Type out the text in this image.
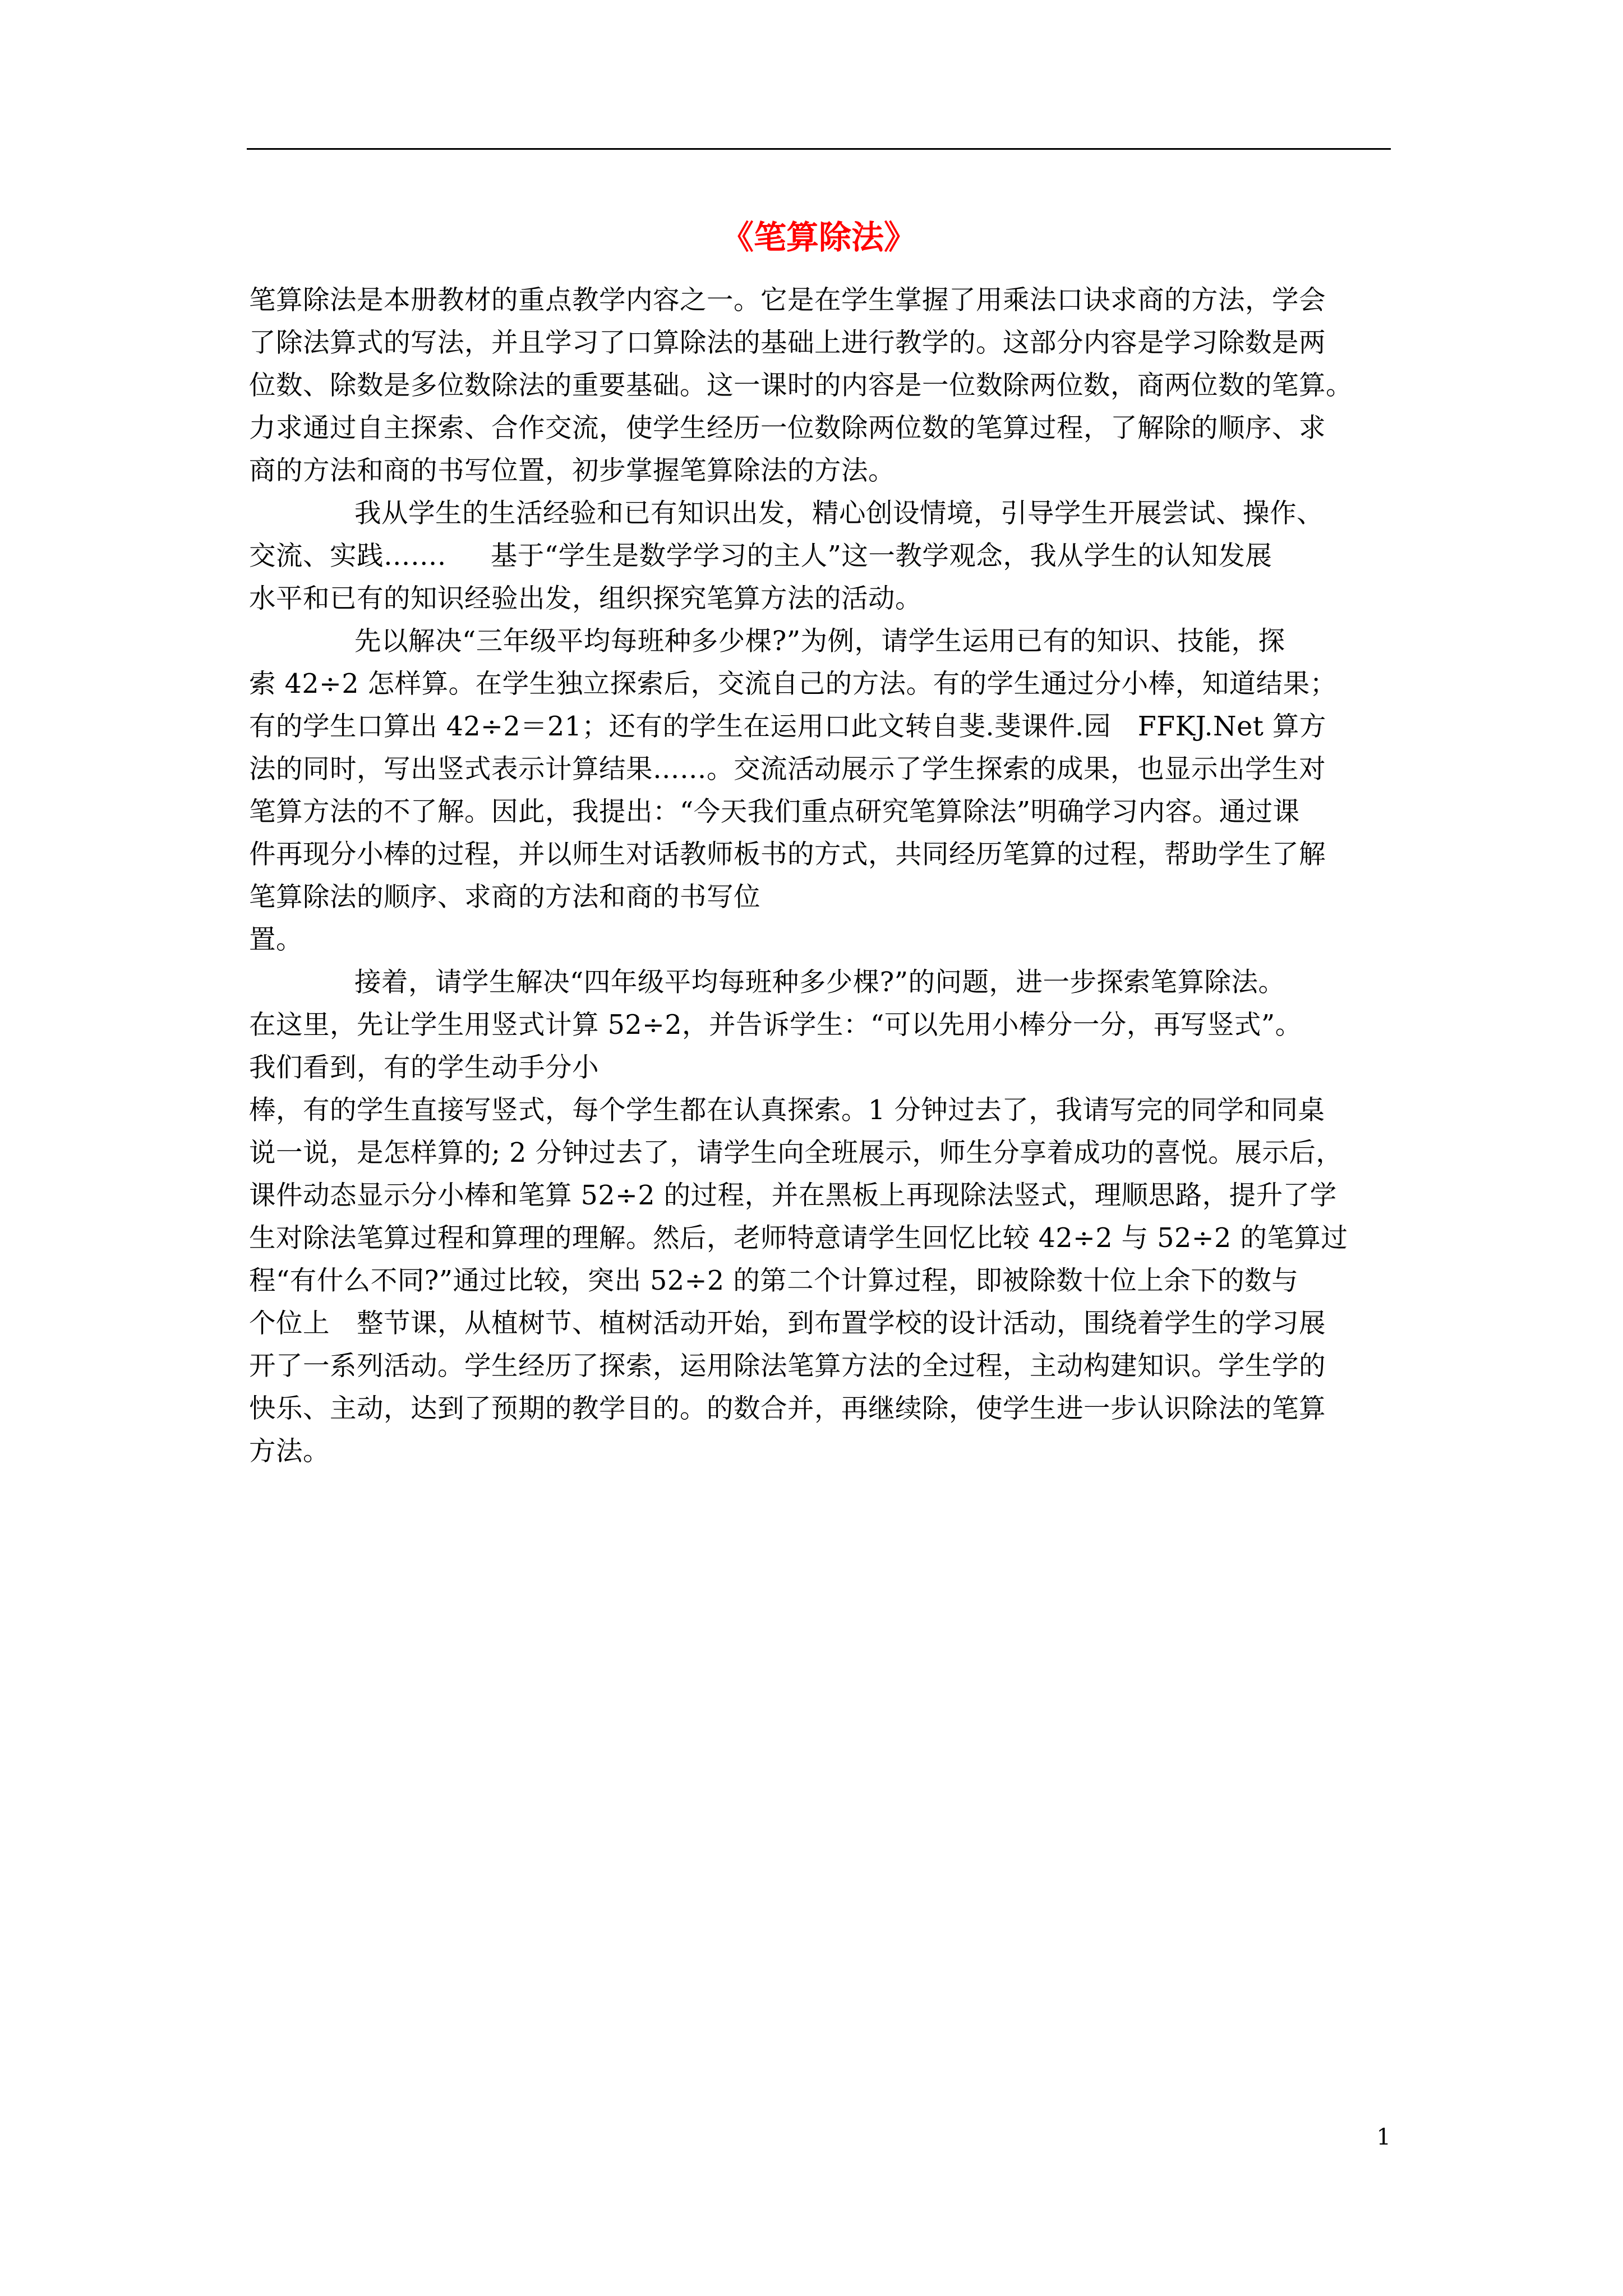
《笔算除法》
笔算除法是本册教材的重点教学内容之一。它是在学生掌握了用乘法口诀求商的方法，学会
了除法算式的写法，并且学习了口算除法的基础上进行教学的。这部分内容是学习除数是两
位数、除数是多位数除法的重要基础。这一课时的内容是一位数除两位数，商两位数的笔算。
力求通过自主探索、合作交流，使学生经历一位数除两位数的笔算过程，了解除的顺序、求
商的方法和商的书写位置，初步掌握笔算除法的方法。
我从学生的生活经验和已有知识出发，精心创设情境，引导学生开展尝试、操作、
交流、实践……. 　 基于“学生是数学学习的主人”这一教学观念，我从学生的认知发展
水平和已有的知识经验出发，组织探究笔算方法的活动。
先以解决“三年级平均每班种多少棵?”为例，请学生运用已有的知识、技能，探
索 42÷2 怎样算。在学生独立探索后，交流自己的方法。有的学生通过分小棒，知道结果；
有的学生口算出 42÷2＝21；还有的学生在运用口此文转自斐.斐课件.园　FFKJ.Net 算方
法的同时，写出竖式表示计算结果……。交流活动展示了学生探索的成果，也显示出学生对
笔算方法的不了解。因此，我提出：“今天我们重点研究笔算除法”明确学习内容。通过课
件再现分小棒的过程，并以师生对话教师板书的方式，共同经历笔算的过程，帮助学生了解
笔算除法的顺序、求商的方法和商的书写位
置。
接着，请学生解决“四年级平均每班种多少棵?”的问题，进一步探索笔算除法。
在这里，先让学生用竖式计算 52÷2，并告诉学生：“可以先用小棒分一分，再写竖式”。
我们看到，有的学生动手分小
棒，有的学生直接写竖式，每个学生都在认真探索。1 分钟过去了，我请写完的同学和同桌
说一说，是怎样算的; 2 分钟过去了，请学生向全班展示，师生分享着成功的喜悦。展示后，
课件动态显示分小棒和笔算 52÷2 的过程，并在黑板上再现除法竖式，理顺思路，提升了学
生对除法笔算过程和算理的理解。然后，老师特意请学生回忆比较 42÷2 与 52÷2 的笔算过
程“有什么不同?”通过比较，突出 52÷2 的第二个计算过程，即被除数十位上余下的数与
个位上　整节课，从植树节、植树活动开始，到布置学校的设计活动，围绕着学生的学习展
开了一系列活动。学生经历了探索，运用除法笔算方法的全过程，主动构建知识。学生学的
快乐、主动，达到了预期的教学目的。的数合并，再继续除，使学生进一步认识除法的笔算
方法。
1
